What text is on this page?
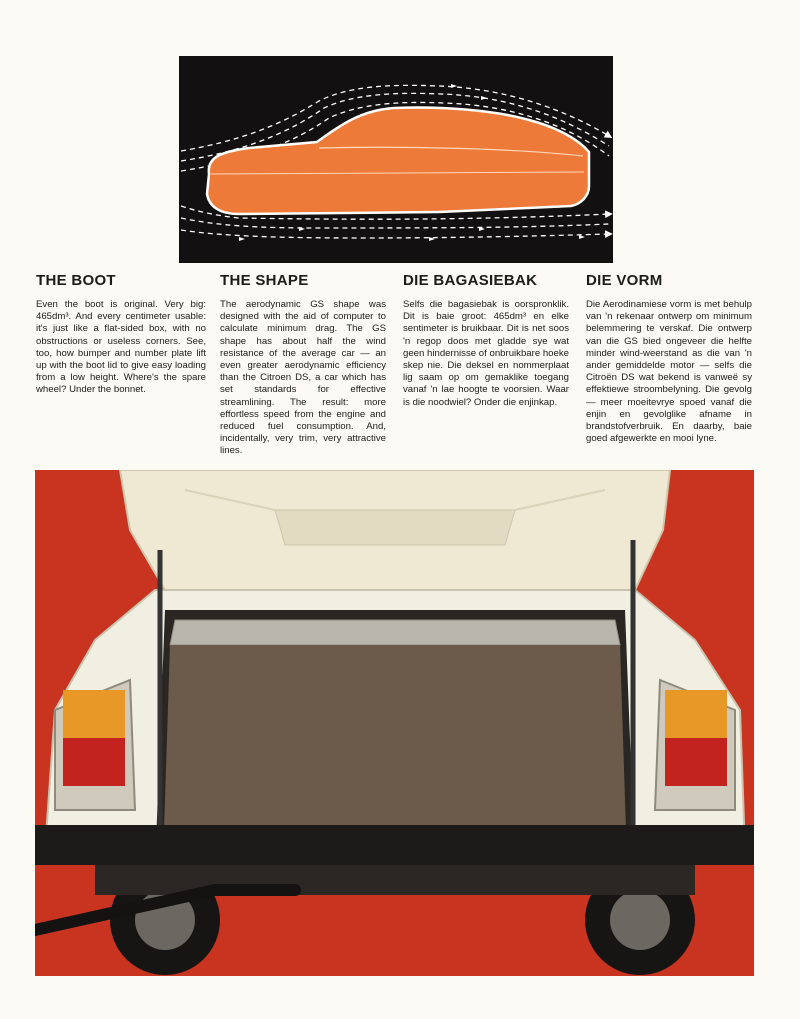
THE BOOT

Even the boot is original. Very big: 465dm³. And every centimeter usable: it's just like a flat-sided box, with no obstructions or useless corners. See, too, how bumper and number plate lift up with the boot lid to give easy loading from a low height. Where's the spare wheel? Under the bonnet.

THE SHAPE

The aerodynamic GS shape was designed with the aid of computer to calculate minimum drag. The GS shape has about half the wind resistance of the average car — an even greater aerodynamic efficiency than the Citroen DS, a car which has set standards for effective streamlining. The result: more effortless speed from the engine and reduced fuel consumption. And, incidentally, very trim, very attractive lines.

DIE BAGASIEBAK

Selfs die bagasiebak is oorspronklik. Dit is baie groot: 465dm³ en elke sentimeter is bruikbaar. Dit is net soos 'n regop doos met gladde sye wat geen hindernisse of onbruikbare hoeke skep nie. Die deksel en nommerplaat lig saam op om gemaklike toegang vanaf 'n lae hoogte te voorsien. Waar is die noodwiel? Onder die enjinkap.

DIE VORM

Die Aerodinamiese vorm is met behulp van 'n rekenaar ontwerp om minimum belemmering te verskaf. Die ontwerp van die GS bied ongeveer die helfte minder wind-weerstand as die van 'n ander gemiddelde motor — selfs die Citroën DS wat bekend is vanweë sy effektiewe stroombelyning. Die gevolg — meer moeitevrye spoed vanaf die enjin en gevolglike afname in brandstofverbruik. En daarby, baie goed afgewerkte en mooi lyne.
